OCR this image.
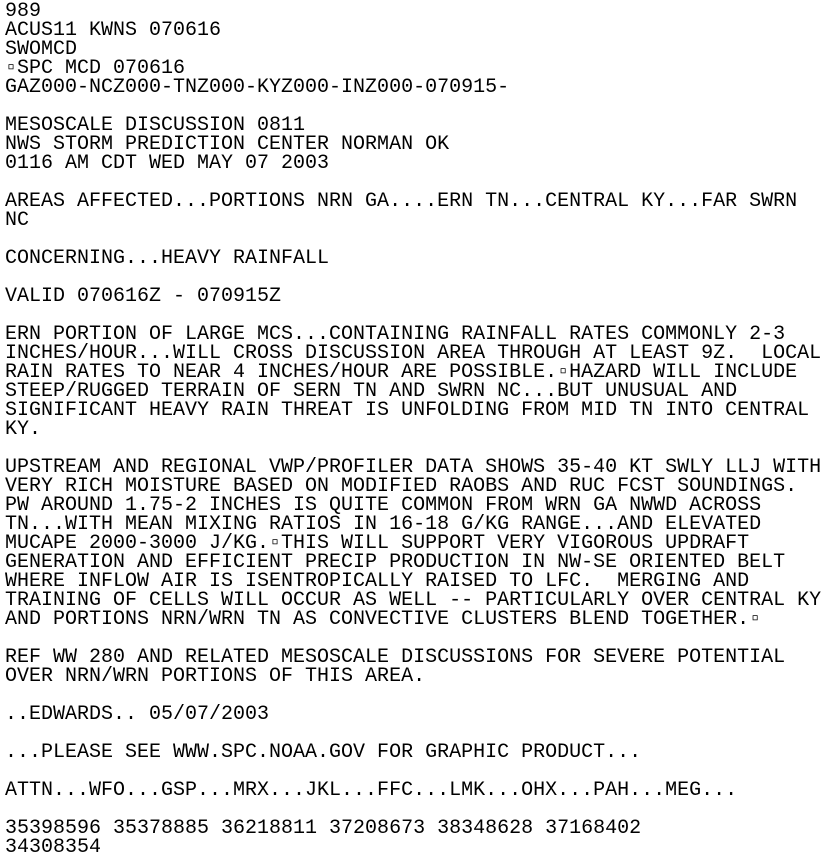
989
ACUS11 KWNS 070616
SWOMCD
▫SPC MCD 070616
GAZ000-NCZ000-TNZ000-KYZ000-INZ000-070915-
MESOSCALE DISCUSSION 0811
NWS STORM PREDICTION CENTER NORMAN OK
0116 AM CDT WED MAY 07 2003
AREAS AFFECTED...PORTIONS NRN GA....ERN TN...CENTRAL KY...FAR SWRN
NC
CONCERNING...HEAVY RAINFALL
VALID 070616Z - 070915Z
ERN PORTION OF LARGE MCS...CONTAINING RAINFALL RATES COMMONLY 2-3
INCHES/HOUR...WILL CROSS DISCUSSION AREA THROUGH AT LEAST 9Z.  LOCAL
RAIN RATES TO NEAR 4 INCHES/HOUR ARE POSSIBLE.▫HAZARD WILL INCLUDE
STEEP/RUGGED TERRAIN OF SERN TN AND SWRN NC...BUT UNUSUAL AND
SIGNIFICANT HEAVY RAIN THREAT IS UNFOLDING FROM MID TN INTO CENTRAL
KY.
UPSTREAM AND REGIONAL VWP/PROFILER DATA SHOWS 35-40 KT SWLY LLJ WITH
VERY RICH MOISTURE BASED ON MODIFIED RAOBS AND RUC FCST SOUNDINGS.
PW AROUND 1.75-2 INCHES IS QUITE COMMON FROM WRN GA NWWD ACROSS
TN...WITH MEAN MIXING RATIOS IN 16-18 G/KG RANGE...AND ELEVATED
MUCAPE 2000-3000 J/KG.▫THIS WILL SUPPORT VERY VIGOROUS UPDRAFT
GENERATION AND EFFICIENT PRECIP PRODUCTION IN NW-SE ORIENTED BELT
WHERE INFLOW AIR IS ISENTROPICALLY RAISED TO LFC.  MERGING AND
TRAINING OF CELLS WILL OCCUR AS WELL -- PARTICULARLY OVER CENTRAL KY
AND PORTIONS NRN/WRN TN AS CONVECTIVE CLUSTERS BLEND TOGETHER.▫
REF WW 280 AND RELATED MESOSCALE DISCUSSIONS FOR SEVERE POTENTIAL
OVER NRN/WRN PORTIONS OF THIS AREA.
..EDWARDS.. 05/07/2003
...PLEASE SEE WWW.SPC.NOAA.GOV FOR GRAPHIC PRODUCT...
ATTN...WFO...GSP...MRX...JKL...FFC...LMK...OHX...PAH...MEG...
35398596 35378885 36218811 37208673 38348628 37168402
34308354
